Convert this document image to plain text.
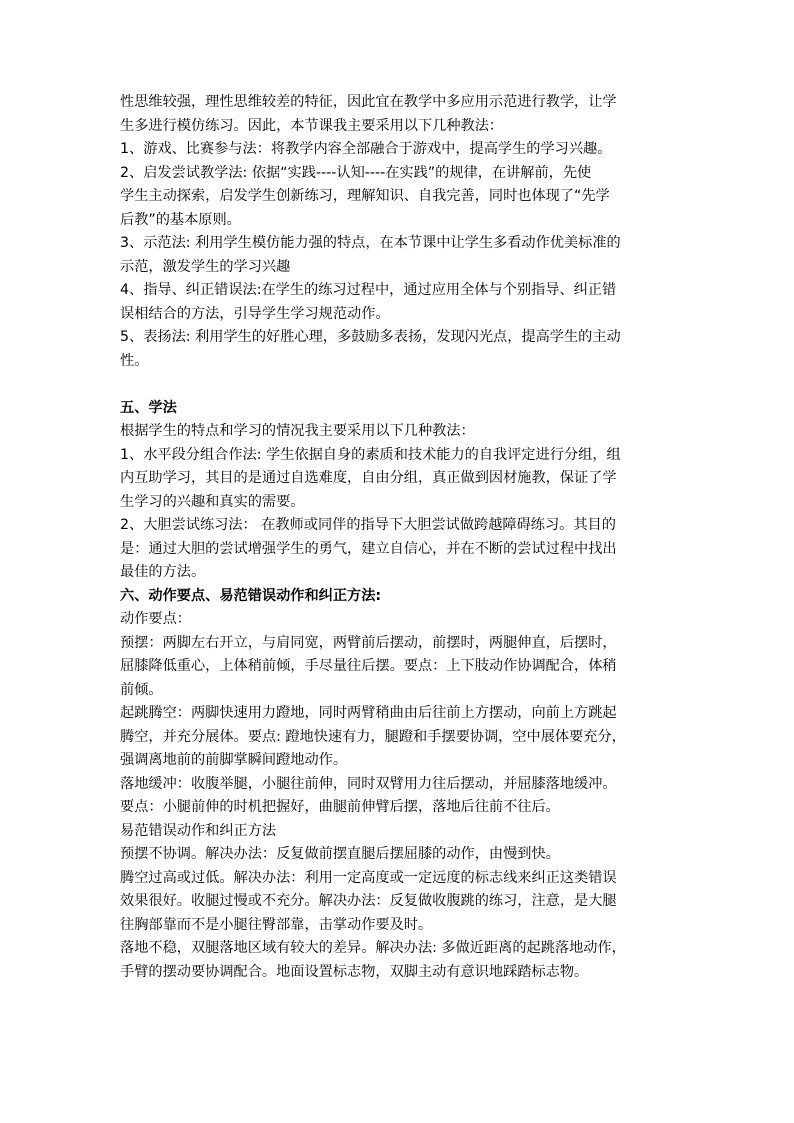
性思维较强，理性思维较差的特征，因此宜在教学中多应用示范进行教学，让学
生多进行模仿练习。因此，本节课我主要采用以下几种教法：
1、游戏、比赛参与法：将教学内容全部融合于游戏中，提高学生的学习兴趣。
2、启发尝试教学法: 依据“实践----认知----在实践”的规律，在讲解前，先使
学生主动探索，启发学生创新练习，理解知识、自我完善，同时也体现了“先学
后教”的基本原则。
3、示范法: 利用学生模仿能力强的特点，在本节课中让学生多看动作优美标准的
示范，激发学生的学习兴趣
4、指导、纠正错误法:在学生的练习过程中，通过应用全体与个别指导、纠正错
误相结合的方法，引导学生学习规范动作。
5、表扬法: 利用学生的好胜心理，多鼓励多表扬，发现闪光点，提高学生的主动
性。
五、学法
根据学生的特点和学习的情况我主要采用以下几种教法：
1、水平段分组合作法: 学生依据自身的素质和技术能力的自我评定进行分组，组
内互助学习，其目的是通过自选难度，自由分组，真正做到因材施教，保证了学
生学习的兴趣和真实的需要。
2、大胆尝试练习法： 在教师或同伴的指导下大胆尝试做跨越障碍练习。其目的
是：通过大胆的尝试增强学生的勇气，建立自信心，并在不断的尝试过程中找出
最佳的方法。
六、动作要点、易范错误动作和纠正方法:
动作要点：
预摆：两脚左右开立，与肩同宽，两臂前后摆动，前摆时，两腿伸直，后摆时，
屈膝降低重心，上体稍前倾，手尽量往后摆。要点：上下肢动作协调配合，体稍
前倾。
起跳腾空：两脚快速用力蹬地，同时两臂稍曲由后往前上方摆动，向前上方跳起
腾空，并充分展体。要点: 蹬地快速有力，腿蹬和手摆要协调，空中展体要充分，
强调离地前的前脚掌瞬间蹬地动作。
落地缓冲：收腹举腿，小腿往前伸，同时双臂用力往后摆动，并屈膝落地缓冲。
要点：小腿前伸的时机把握好，曲腿前伸臂后摆，落地后往前不往后。
易范错误动作和纠正方法
预摆不协调。解决办法：反复做前摆直腿后摆屈膝的动作，由慢到快。
腾空过高或过低。解决办法：利用一定高度或一定远度的标志线来纠正这类错误
效果很好。收腿过慢或不充分。解决办法：反复做收腹跳的练习，注意，是大腿
往胸部靠而不是小腿往臀部靠，击掌动作要及时。
落地不稳，双腿落地区域有较大的差异。解决办法: 多做近距离的起跳落地动作，
手臂的摆动要协调配合。地面设置标志物，双脚主动有意识地踩踏标志物。
